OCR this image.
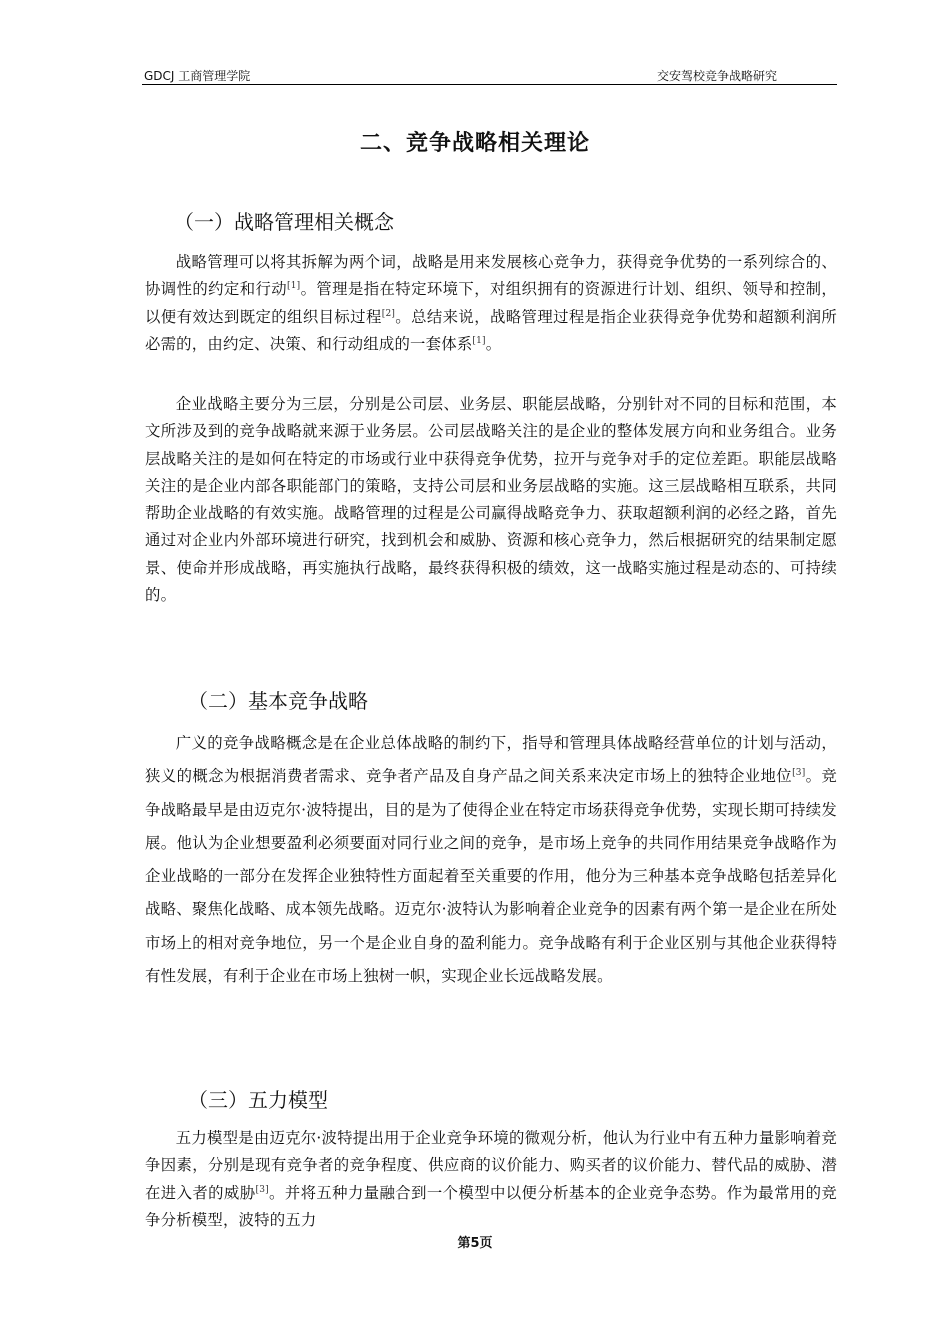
GDCJ 工商管理学院	交安驾校竞争战略研究
二、竞争战略相关理论
（一）战略管理相关概念

战略管理可以将其拆解为两个词，战略是用来发展核心竞争力，获得竞争优势的一系列综合的、协调性的约定和行动[1]。管理是指在特定环境下，对组织拥有的资源进行计划、组织、领导和控制，以便有效达到既定的组织目标过程[2]。总结来说，战略管理过程是指企业获得竞争优势和超额利润所必需的，由约定、决策、和行动组成的一套体系[1]。

企业战略主要分为三层，分别是公司层、业务层、职能层战略，分别针对不同的目标和范围，本文所涉及到的竞争战略就来源于业务层。公司层战略关注的是企业的整体发展方向和业务组合。业务层战略关注的是如何在特定的市场或行业中获得竞争优势，拉开与竞争对手的定位差距。职能层战略关注的是企业内部各职能部门的策略，支持公司层和业务层战略的实施。这三层战略相互联系，共同帮助企业战略的有效实施。战略管理的过程是公司赢得战略竞争力、获取超额利润的必经之路，首先通过对企业内外部环境进行研究，找到机会和威胁、资源和核心竞争力，然后根据研究的结果制定愿景、使命并形成战略，再实施执行战略，最终获得积极的绩效，这一战略实施过程是动态的、可持续的。

（二）基本竞争战略

广义的竞争战略概念是在企业总体战略的制约下，指导和管理具体战略经营单位的计划与活动，狭义的概念为根据消费者需求、竞争者产品及自身产品之间关系来决定市场上的独特企业地位[3]。竞争战略最早是由迈克尔·波特提出，目的是为了使得企业在特定市场获得竞争优势，实现长期可持续发展。他认为企业想要盈利必须要面对同行业之间的竞争，是市场上竞争的共同作用结果竞争战略作为企业战略的一部分在发挥企业独特性方面起着至关重要的作用，他分为三种基本竞争战略包括差异化战略、聚焦化战略、成本领先战略。迈克尔·波特认为影响着企业竞争的因素有两个第一是企业在所处市场上的相对竞争地位，另一个是企业自身的盈利能力。竞争战略有利于企业区别与其他企业获得特有性发展，有利于企业在市场上独树一帜，实现企业长远战略发展。

（三）五力模型

五力模型是由迈克尔·波特提出用于企业竞争环境的微观分析，他认为行业中有五种力量影响着竞争因素，分别是现有竞争者的竞争程度、供应商的议价能力、购买者的议价能力、替代品的威胁、潜在进入者的威胁[3]。并将五种力量融合到一个模型中以便分析基本的企业竞争态势。作为最常用的竞争分析模型，波特的五力

第5页
